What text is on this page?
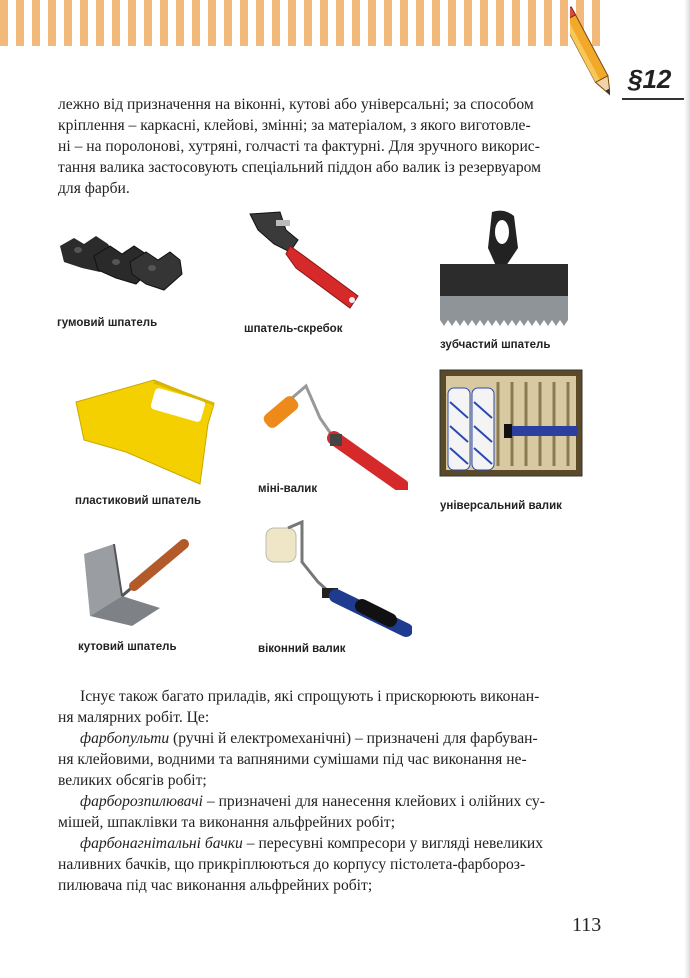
§12
лежно від призначення на віконні, кутові або універсальні; за способом
кріплення – каркасні, клейові, змінні; за матеріалом, з якого виготовле-
ні – на поролонові, хутряні, голчасті та фактурні. Для зручного викорис-
тання валика застосовують спеціальний піддон або валик із резервуаром
для фарби.
гумовий шпатель	шпатель-скребок
зубчастий шпатель
пластиковий шпатель
міні-валик
універсальний валик
кутовий шпатель	віконний валик
Існує також багато приладів, які спрощують і прискорюють виконан-
ня малярних робіт. Це:
фарбопульти (ручні й електромеханічні) – призначені для фарбуван-
ня клейовими, водними та вапняними сумішами під час виконання не-
великих обсягів робіт;
фарборозпилювачі – призначені для нанесення клейових і олійних су-
мішей, шпаклівки та виконання альфрейних робіт;
фарбонагнітальні бачки – пересувні компресори у вигляді невеликих
наливних бачків, що прикріплюються до корпусу пістолета-фарборoз-
пилювача під час виконання альфрейних робіт;
113
